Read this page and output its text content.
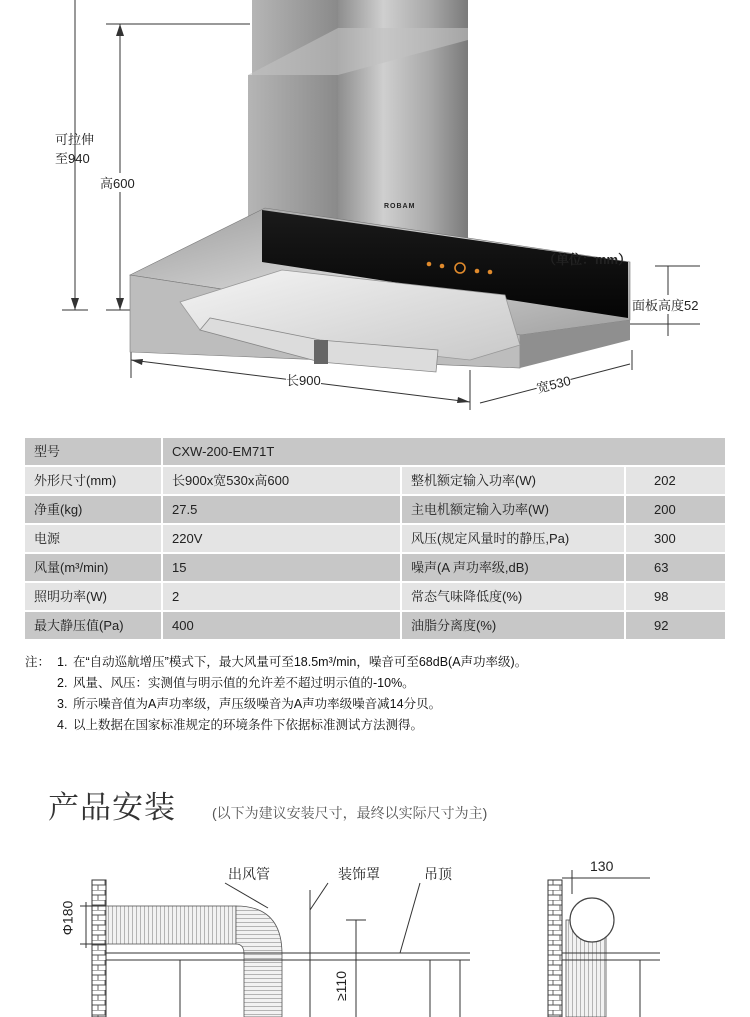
可拉伸
至940
高600
ROBAM
（单位：mm）
面板高度52
长900	宽530
型号	CXW-200-EM71T
外形尺寸(mm)	长900x宽530x高600	整机额定输入功率(W)	202
净重(kg)	27.5	主电机额定输入功率(W)	200
电源	220V	风压(规定风量时的静压,Pa)	300
风量(m³/min)	15	噪声(A 声功率级,dB)	63
照明功率(W)	2	常态气味降低度(%)	98
最大静压值(Pa)	400	油脂分离度(%)	92
注： 1. 在“自动巡航增压”模式下，最大风量可至18.5m³/min，噪音可至68dB(A声功率级)。
2. 风量、风压：实测值与明示值的允许差不超过明示值的-10%。
3. 所示噪音值为A声功率级，声压级噪音为A声功率级噪音减14分贝。
4. 以上数据在国家标准规定的环境条件下依据标准测试方法测得。
产品安装	(以下为建议安装尺寸，最终以实际尺寸为主)
出风管	装饰罩	吊顶
Φ180
≥110
130
